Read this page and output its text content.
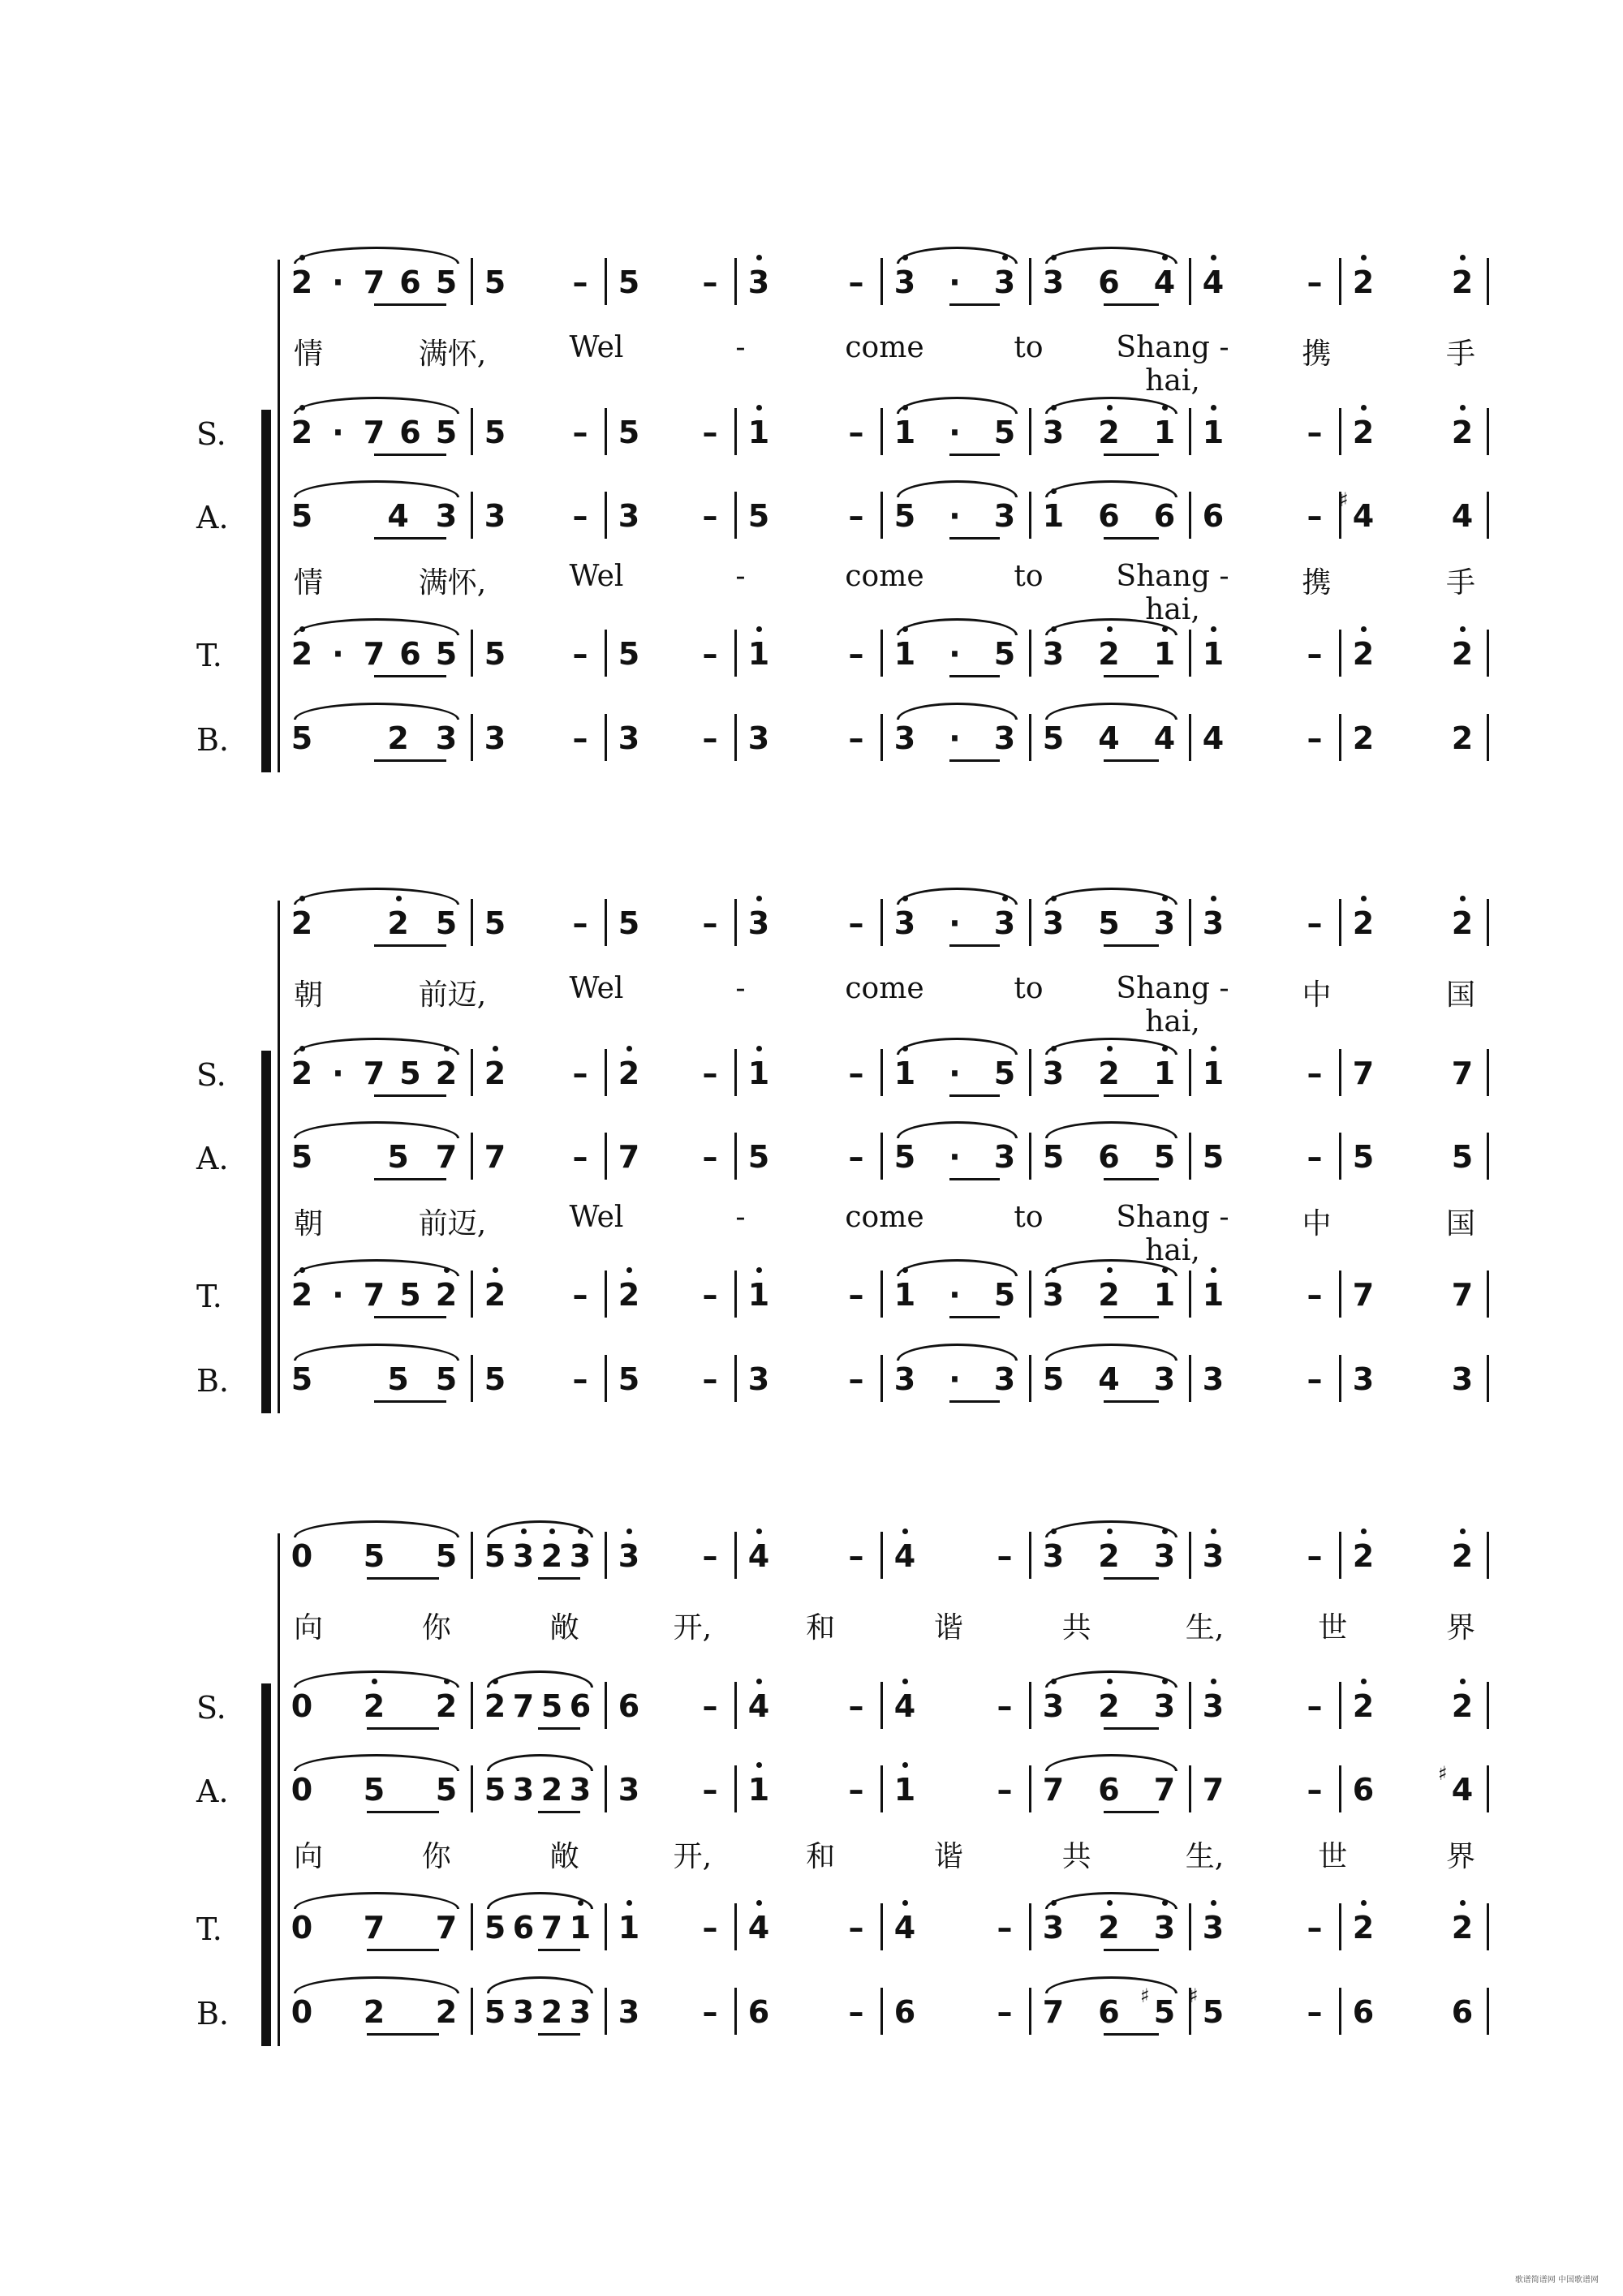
2 · 7 6 5 5	– 5	– 3	– 3	·	3 3 6 4 4	– 2	2
情	满怀,	Wel	-	come	to	Shang - hai,
携	手
S. 2 · 7 6 5 5	– 5	– 1	– 1	·	5 3 2 1 1	– 2	2
A. 5 4 3 3	– 3	– 5	– 5	·	3 1 6 6 6	– ♯ 4	4
情	满怀,	Wel	-	come	to	Shang - hai,
携	手
T. 2 · 7 6 5 5	– 5	– 1	– 1	·	5 3 2 1 1	– 2	2
B. 5 2 3 3	– 3	– 3	– 3	·	3 5 4 4 4	– 2	2
2 2 5 5	– 5	– 3	– 3	·	3 3 5 3 3	– 2	2
朝	前迈,	Wel	-	come	to	Shang - hai,
中	国
S. 2 · 7 5 2 2	– 2	– 1	– 1	·	5 3 2 1 1	– 7	7
A. 5 5 7 7	– 7	– 5	– 5	·	3 5 6 5 5	– 5	5
朝	前迈,	Wel	-	come	to	Shang - hai,
中	国
T. 2 · 7 5 2 2	– 2	– 1	– 1	·	5 3 2 1 1	– 7	7
B. 5 5 5 5	– 5	– 3	– 3	·	3 5 4 3 3	– 3	3
0 5 5 5 3 2 3 3	– 4	– 4	– 3 2 3 3	– 2	2
向	你	敞	开,	和	谐	共	生,	世	界
S. 0 2 2 2 7 5 6 6	– 4	– 4	– 3 2 3 3	– 2	2
A. 0 5 5 5 3 2 3 3	– 1	– 1	– 7 6 7 7	– 6	♯ 4
向	你	敞	开,	和	谐	共	生,	世	界
T. 0 7 7 5 6 7 1 1	– 4	– 4	– 3 2 3 3	– 2	2
B. 0 2 2 5 3 2 3 3	– 6	– 6	– 7 6	♯ 5 ♯ 5	– 6	6
歌谱简谱网 中国歌谱网
